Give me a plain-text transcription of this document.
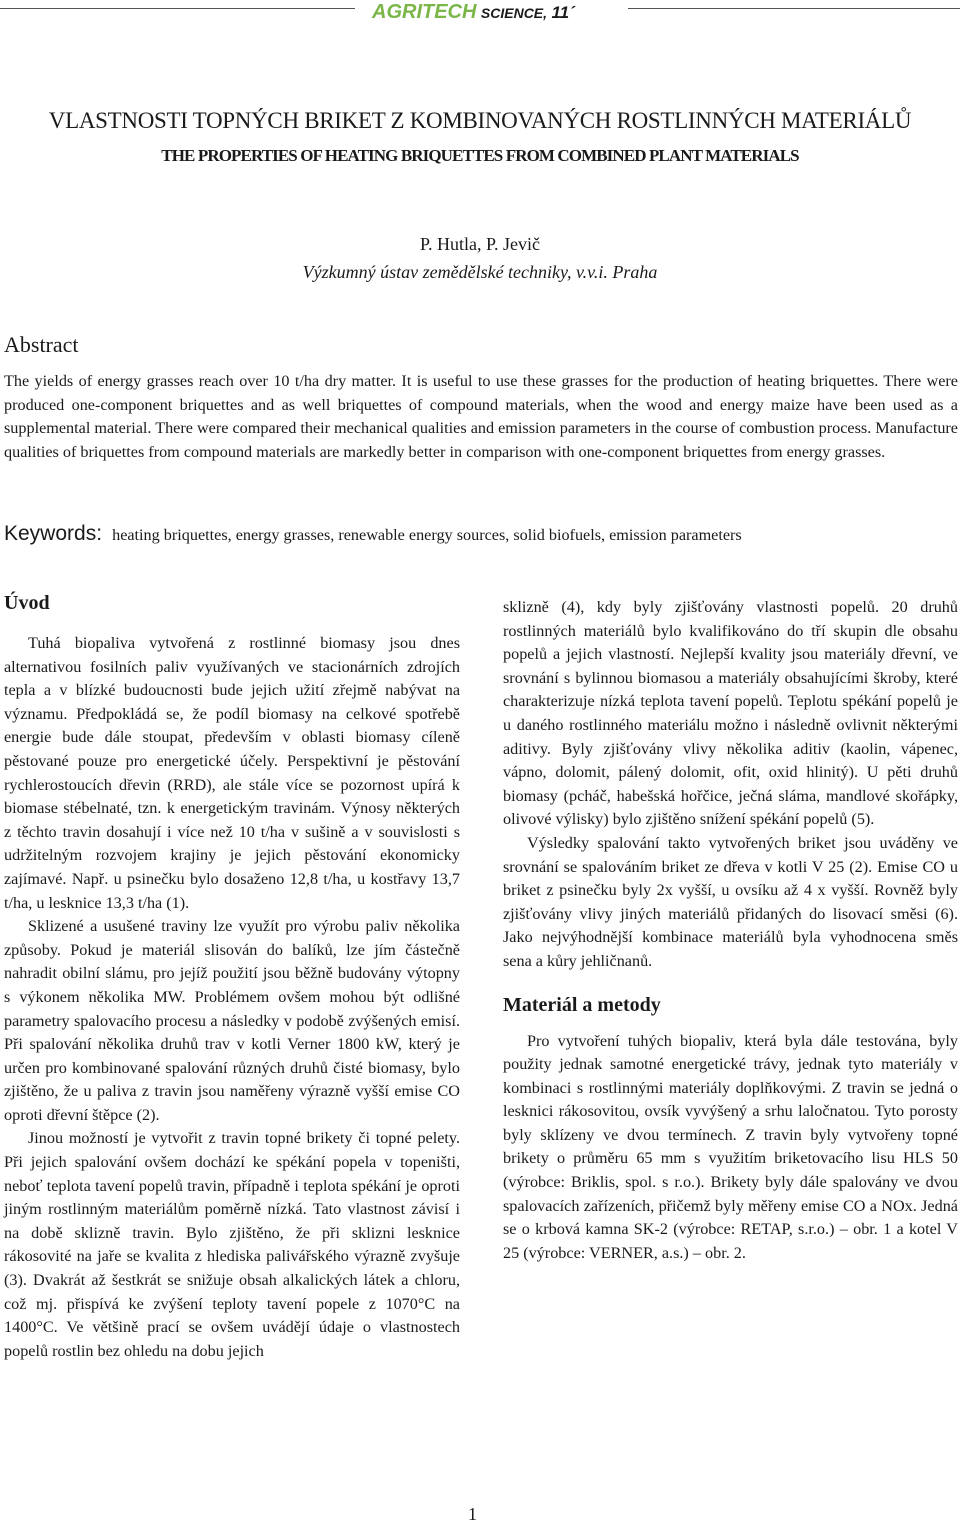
AGRITECH SCIENCE, 11´
VLASTNOSTI TOPNÝCH BRIKET Z KOMBINOVANÝCH ROSTLINNÝCH MATERIÁLŮ
THE PROPERTIES OF HEATING BRIQUETTES FROM COMBINED PLANT MATERIALS
P. Hutla, P. Jevič
Výzkumný ústav zemědělské techniky, v.v.i. Praha
Abstract
The yields of energy grasses reach over 10 t/ha dry matter. It is useful to use these grasses for the production of heating briquettes. There were produced one-component briquettes and as well briquettes of compound materials, when the wood and energy maize have been used as a supplemental material. There were compared their mechanical qualities and emission parameters in the course of combustion process. Manufacture qualities of briquettes from compound materials are markedly better in comparison with one-component briquettes from energy grasses.
Keywords: heating briquettes, energy grasses, renewable energy sources, solid biofuels, emission parameters
Úvod

Tuhá biopaliva vytvořená z rostlinné biomasy jsou dnes alternativou fosilních paliv využívaných ve stacionárních zdrojích tepla a v blízké budoucnosti bude jejich užití zřejmě nabývat na významu. Předpokládá se, že podíl biomasy na celkové spotřebě energie bude dále stoupat, především v oblasti biomasy cíleně pěstované pouze pro energetické účely. Perspektivní je pěstování rychlerostoucích dřevin (RRD), ale stále více se pozornost upírá k biomase stébelnaté, tzn. k energetickým travinám. Výnosy některých z těchto travin dosahují i více než 10 t/ha v sušině a v souvislosti s udržitelným rozvojem krajiny je jejich pěstování ekonomicky zajímavé. Např. u psinečku bylo dosaženo 12,8 t/ha, u kostřavy 13,7 t/ha, u lesknice 13,3 t/ha (1).

Sklizené a usušené traviny lze využít pro výrobu paliv několika způsoby. Pokud je materiál slisován do balíků, lze jím částečně nahradit obilní slámu, pro jejíž použití jsou běžně budovány výtopny s výkonem několika MW. Problémem ovšem mohou být odlišné parametry spalovacího procesu a následky v podobě zvýšených emisí. Při spalování několika druhů trav v kotli Verner 1800 kW, který je určen pro kombinované spalování různých druhů čisté biomasy, bylo zjištěno, že u paliva z travin jsou naměřeny výrazně vyšší emise CO oproti dřevní štěpce (2).

Jinou možností je vytvořit z travin topné brikety či topné pelety. Při jejich spalování ovšem dochází ke spékání popela v topeništi, neboť teplota tavení popelů travin, případně i teplota spékání je oproti jiným rostlinným materiálům poměrně nízká. Tato vlastnost závisí i na době sklizně travin. Bylo zjištěno, že při sklizni lesknice rákosovité na jaře se kvalita z hlediska palivářského výrazně zvyšuje (3). Dvakrát až šestkrát se snižuje obsah alkalických látek a chloru, což mj. přispívá ke zvýšení teploty tavení popele z 1070°C na 1400°C. Ve většině prací se ovšem uvádějí údaje o vlastnostech popelů rostlin bez ohledu na dobu jejich

sklizně (4), kdy byly zjišťovány vlastnosti popelů. 20 druhů rostlinných materiálů bylo kvalifikováno do tří skupin dle obsahu popelů a jejich vlastností. Nejlepší kvality jsou materiály dřevní, ve srovnání s bylinnou biomasou a materiály obsahujícími škroby, které charakterizuje nízká teplota tavení popelů. Teplotu spékání popelů je u daného rostlinného materiálu možno i následně ovlivnit některými aditivy. Byly zjišťovány vlivy několika aditiv (kaolin, vápenec, vápno, dolomit, pálený dolomit, ofit, oxid hlinitý). U pěti druhů biomasy (pcháč, habešská hořčice, ječná sláma, mandlové skořápky, olivové výlisky) bylo zjištěno snížení spékání popelů (5).

Výsledky spalování takto vytvořených briket jsou uváděny ve srovnání se spalováním briket ze dřeva v kotli V 25 (2). Emise CO u briket z psinečku byly 2x vyšší, u ovsíku až 4 x vyšší. Rovněž byly zjišťovány vlivy jiných materiálů přidaných do lisovací směsi (6). Jako nejvýhodnější kombinace materiálů byla vyhodnocena směs sena a kůry jehličnanů.

Materiál a metody

Pro vytvoření tuhých biopaliv, která byla dále testována, byly použity jednak samotné energetické trávy, jednak tyto materiály v kombinaci s rostlinnými materiály doplňkovými. Z travin se jedná o lesknici rákosovitou, ovsík vyvýšený a srhu laločnatou. Tyto porosty byly sklízeny ve dvou termínech. Z travin byly vytvořeny topné brikety o průměru 65 mm s využitím briketovacího lisu HLS 50 (výrobce: Briklis, spol. s r.o.). Brikety byly dále spalovány ve dvou spalovacích zařízeních, přičemž byly měřeny emise CO a NOx. Jedná se o krbová kamna SK-2 (výrobce: RETAP, s.r.o.) – obr. 1 a kotel V 25 (výrobce: VERNER, a.s.) – obr. 2.

1
